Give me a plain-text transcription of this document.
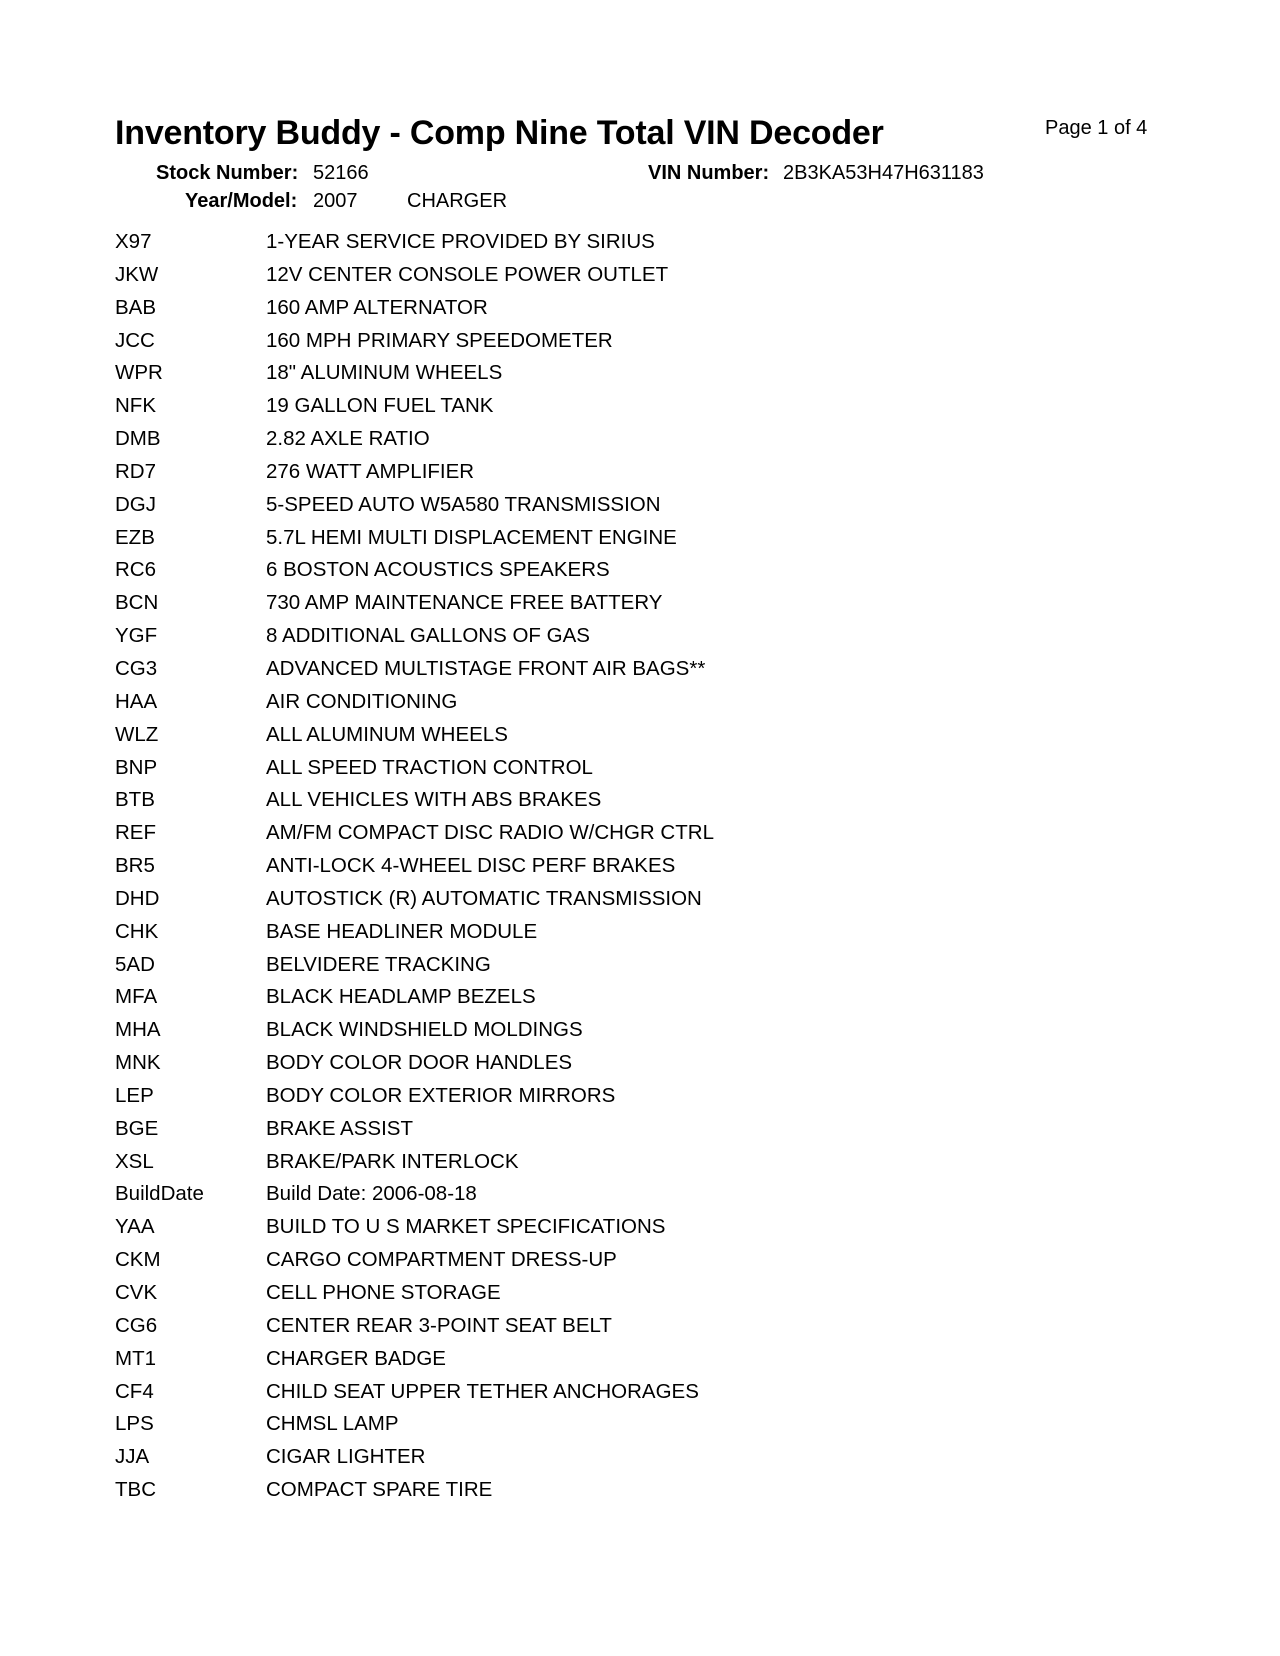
Inventory Buddy - Comp Nine Total VIN Decoder	Page 1 of 4
Stock Number: 52166	VIN Number: 2B3KA53H47H631183
Year/Model: 2007 CHARGER
X97	1-YEAR SERVICE PROVIDED BY SIRIUS
JKW	12V CENTER CONSOLE POWER OUTLET
BAB	160 AMP ALTERNATOR
JCC	160 MPH PRIMARY SPEEDOMETER
WPR	18" ALUMINUM WHEELS
NFK	19 GALLON FUEL TANK
DMB	2.82 AXLE RATIO
RD7	276 WATT AMPLIFIER
DGJ	5-SPEED AUTO W5A580 TRANSMISSION
EZB	5.7L HEMI MULTI DISPLACEMENT ENGINE
RC6	6 BOSTON ACOUSTICS SPEAKERS
BCN	730 AMP MAINTENANCE FREE BATTERY
YGF	8 ADDITIONAL GALLONS OF GAS
CG3	ADVANCED MULTISTAGE FRONT AIR BAGS**
HAA	AIR CONDITIONING
WLZ	ALL ALUMINUM WHEELS
BNP	ALL SPEED TRACTION CONTROL
BTB	ALL VEHICLES WITH ABS BRAKES
REF	AM/FM COMPACT DISC RADIO W/CHGR CTRL
BR5	ANTI-LOCK 4-WHEEL DISC PERF BRAKES
DHD	AUTOSTICK (R) AUTOMATIC TRANSMISSION
CHK	BASE HEADLINER MODULE
5AD	BELVIDERE TRACKING
MFA	BLACK HEADLAMP BEZELS
MHA	BLACK WINDSHIELD MOLDINGS
MNK	BODY COLOR DOOR HANDLES
LEP	BODY COLOR EXTERIOR MIRRORS
BGE	BRAKE ASSIST
XSL	BRAKE/PARK INTERLOCK
BuildDate	Build Date: 2006-08-18
YAA	BUILD TO U S MARKET SPECIFICATIONS
CKM	CARGO COMPARTMENT DRESS-UP
CVK	CELL PHONE STORAGE
CG6	CENTER REAR 3-POINT SEAT BELT
MT1	CHARGER BADGE
CF4	CHILD SEAT UPPER TETHER ANCHORAGES
LPS	CHMSL LAMP
JJA	CIGAR LIGHTER
TBC	COMPACT SPARE TIRE
